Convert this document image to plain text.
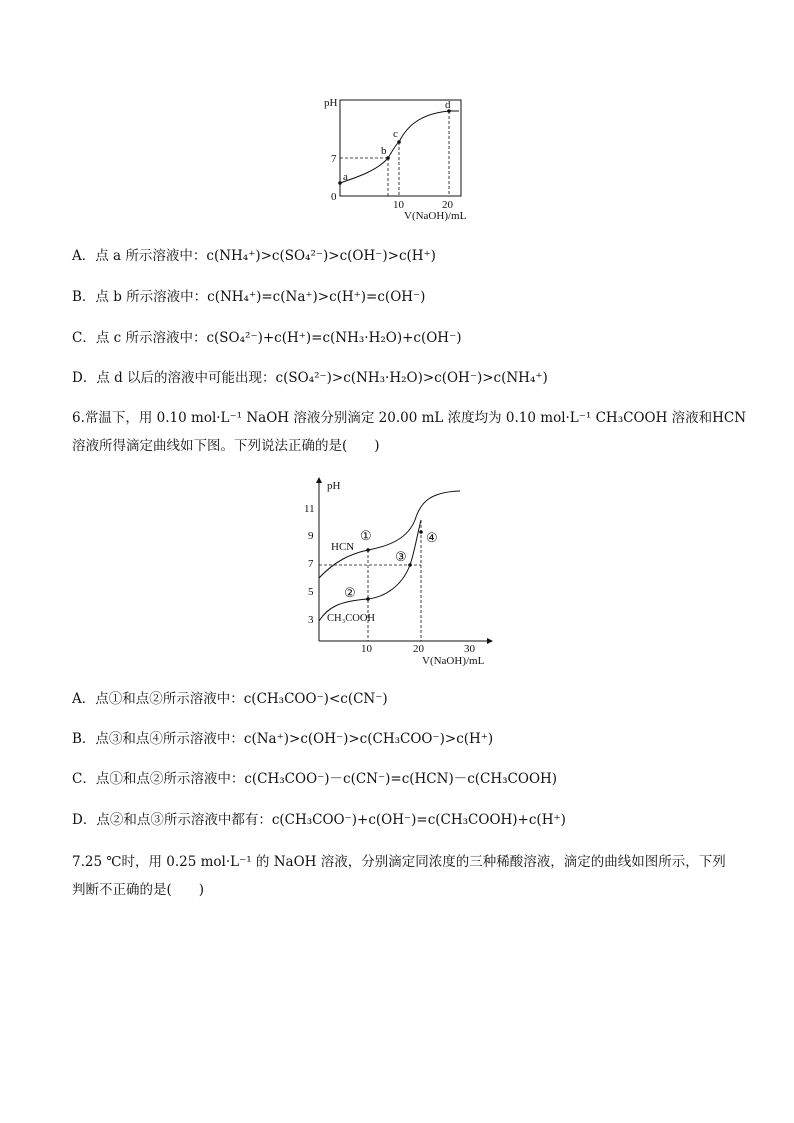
pH
a
b
c
d
7
0
10	20
V(NaOH)/mL
A．点 a 所示溶液中：c(NH₄⁺)>c(SO₄²⁻)>c(OH⁻)>c(H⁺)
B．点 b 所示溶液中：c(NH₄⁺)=c(Na⁺)>c(H⁺)=c(OH⁻)
C．点 c 所示溶液中：c(SO₄²⁻)+c(H⁺)=c(NH₃·H₂O)+c(OH⁻)
D．点 d 以后的溶液中可能出现：c(SO₄²⁻)>c(NH₃·H₂O)>c(OH⁻)>c(NH₄⁺)
6.常温下，用 0.10 mol·L⁻¹ NaOH 溶液分别滴定 20.00 mL 浓度均为 0.10 mol·L⁻¹ CH₃COOH 溶液和HCN
溶液所得滴定曲线如下图。下列说法正确的是(　　)
pH
11
9
7
5
3
10	20	30
V(NaOH)/mL
HCN
CH₃COOH
①
②
③
④
A．点①和点②所示溶液中：c(CH₃COO⁻)<c(CN⁻)
B．点③和点④所示溶液中：c(Na⁺)>c(OH⁻)>c(CH₃COO⁻)>c(H⁺)
C．点①和点②所示溶液中：c(CH₃COO⁻)－c(CN⁻)=c(HCN)－c(CH₃COOH)
D．点②和点③所示溶液中都有：c(CH₃COO⁻)+c(OH⁻)=c(CH₃COOH)+c(H⁺)
7.25 ℃时，用 0.25 mol·L⁻¹ 的 NaOH 溶液，分别滴定同浓度的三种稀酸溶液，滴定的曲线如图所示，下列
判断不正确的是(　　)
